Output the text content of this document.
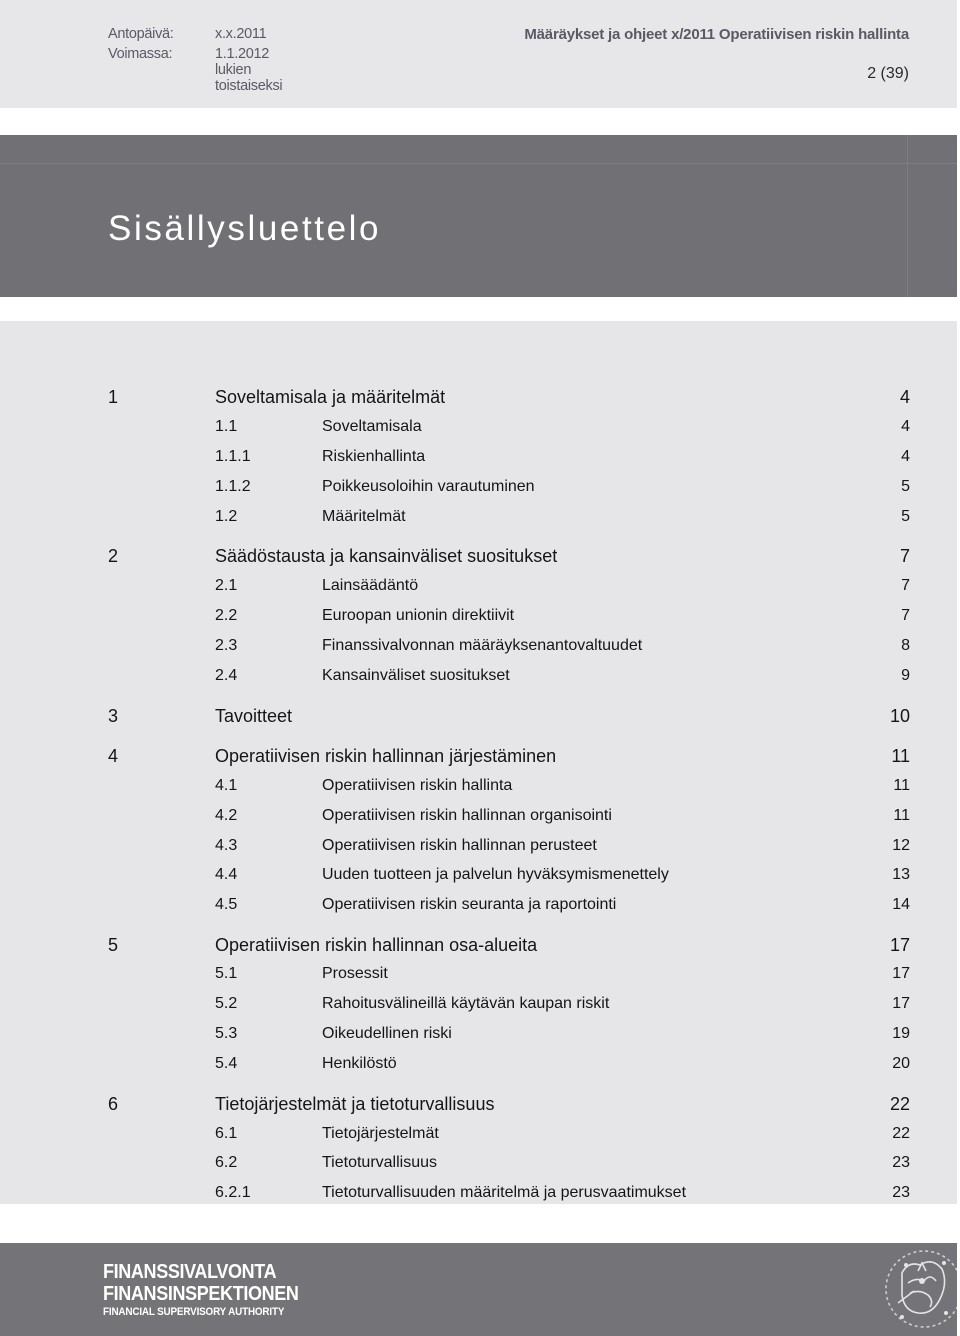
Antopäivä:	x.x.2011
Voimassa:	1.1.2012 lukien toistaiseksi
Määräykset ja ohjeet x/2011 Operatiivisen riskin hallinta
2 (39)
Sisällysluettelo
1	Soveltamisala ja määritelmät	4
1.1	Soveltamisala	4
1.1.1	Riskienhallinta	4
1.1.2	Poikkeusoloihin varautuminen	5
1.2	Määritelmät	5
2	Säädöstausta ja kansainväliset suositukset	7
2.1	Lainsäädäntö	7
2.2	Euroopan unionin direktiivit	7
2.3	Finanssivalvonnan määräyksenantovaltuudet	8
2.4	Kansainväliset suositukset	9
3	Tavoitteet	10
4	Operatiivisen riskin hallinnan järjestäminen	11
4.1	Operatiivisen riskin hallinta	11
4.2	Operatiivisen riskin hallinnan organisointi	11
4.3	Operatiivisen riskin hallinnan perusteet	12
4.4	Uuden tuotteen ja palvelun hyväksymismenettely	13
4.5	Operatiivisen riskin seuranta ja raportointi	14
5	Operatiivisen riskin hallinnan osa-alueita	17
5.1	Prosessit	17
5.2	Rahoitusvälineillä käytävän kaupan riskit	17
5.3	Oikeudellinen riski	19
5.4	Henkilöstö	20
6	Tietojärjestelmät ja tietoturvallisuus	22
6.1	Tietojärjestelmät	22
6.2	Tietoturvallisuus	23
6.2.1	Tietoturvallisuuden määritelmä ja perusvaatimukset	23
FINANSSIVALVONTA
FINANSINSPEKTIONEN
FINANCIAL SUPERVISORY AUTHORITY
